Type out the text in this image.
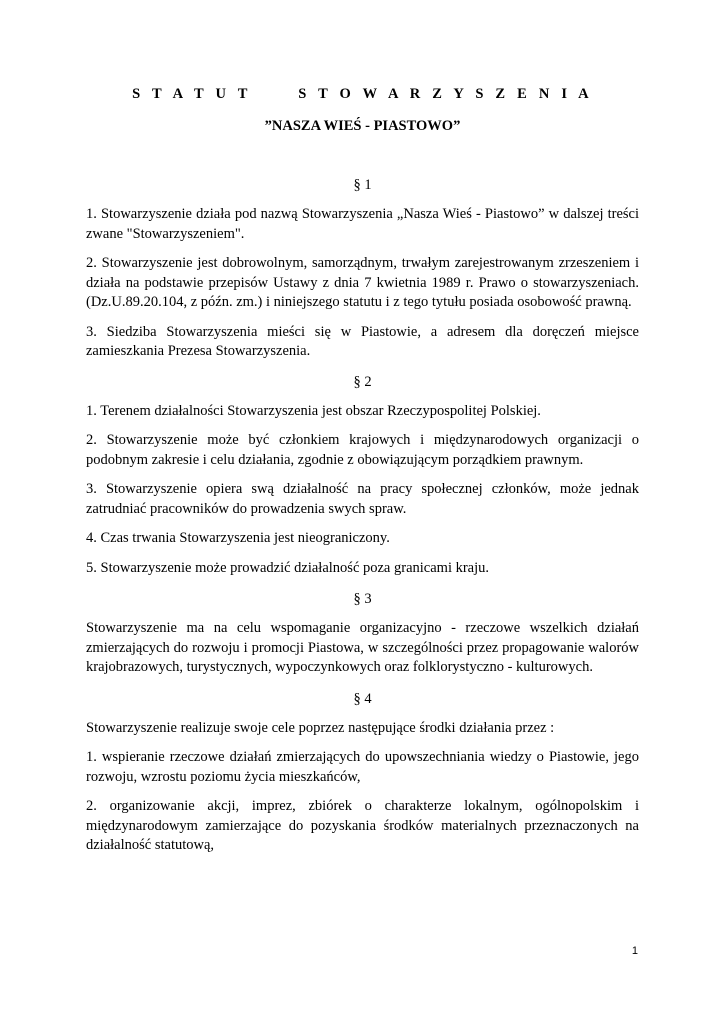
S T A T U T      S T O W A R Z Y S Z E N I A
”NASZA WIEŚ - PIASTOWO”
§ 1

1. Stowarzyszenie działa pod nazwą Stowarzyszenia „Nasza Wieś - Piastowo” w dalszej treści zwane "Stowarzyszeniem".

2. Stowarzyszenie jest dobrowolnym, samorządnym, trwałym zarejestrowanym zrzeszeniem i działa na podstawie przepisów Ustawy z dnia 7 kwietnia 1989 r. Prawo o stowarzyszeniach. (Dz.U.89.20.104, z późn. zm.) i niniejszego statutu i z tego tytułu posiada osobowość prawną.

3. Siedziba Stowarzyszenia mieści się w Piastowie, a adresem dla doręczeń miejsce zamieszkania Prezesa Stowarzyszenia.

§ 2

1. Terenem działalności Stowarzyszenia jest obszar Rzeczypospolitej Polskiej.

2. Stowarzyszenie może być członkiem krajowych i międzynarodowych organizacji o podobnym zakresie i celu działania, zgodnie z obowiązującym porządkiem prawnym.

3. Stowarzyszenie opiera swą działalność na pracy społecznej członków, może jednak zatrudniać pracowników do prowadzenia swych spraw.

4. Czas trwania Stowarzyszenia jest nieograniczony.

5. Stowarzyszenie może prowadzić działalność poza granicami kraju.

§ 3

Stowarzyszenie ma na celu wspomaganie organizacyjno - rzeczowe wszelkich działań zmierzających do rozwoju i promocji Piastowa, w szczególności przez propagowanie walorów krajobrazowych, turystycznych, wypoczynkowych oraz folklorystyczno - kulturowych.

§ 4

Stowarzyszenie realizuje swoje cele poprzez następujące środki działania przez :

1. wspieranie rzeczowe działań zmierzających do upowszechniania wiedzy o Piastowie, jego rozwoju, wzrostu poziomu życia mieszkańców,

2. organizowanie akcji, imprez, zbiórek o charakterze lokalnym, ogólnopolskim i międzynarodowym zamierzające do pozyskania środków materialnych przeznaczonych na działalność statutową,

1
